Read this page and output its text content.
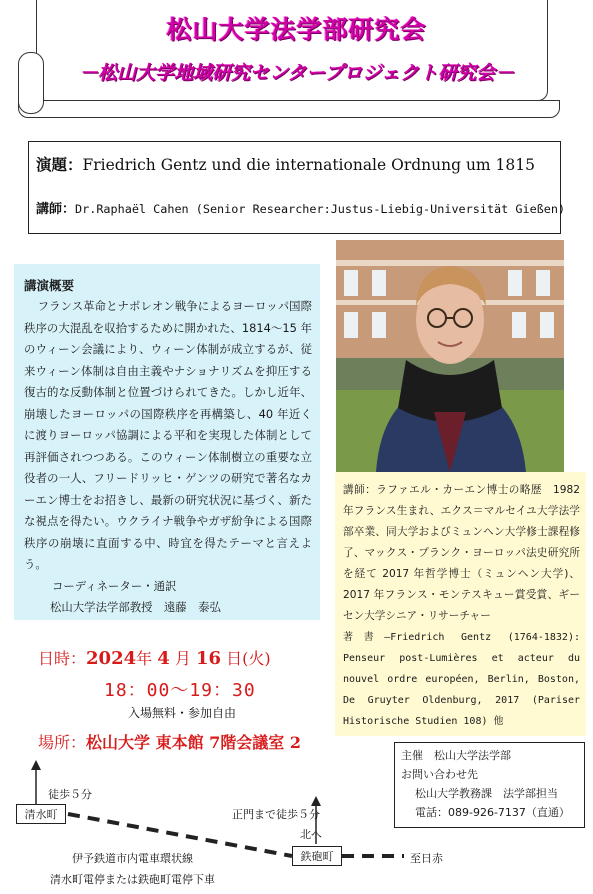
松山大学法学部研究会
－松山大学地域研究センタープロジェクト研究会－
演題：Friedrich Gentz und die internationale Ordnung um 1815
講師：Dr.Raphaël Cahen (Senior Researcher:Justus-Liebig-Universität Gießen)
講演概要
フランス革命とナポレオン戦争によるヨーロッパ国際秩序の大混乱を収拾するために開かれた、1814～15 年のウィーン会議により、ウィーン体制が成立するが、従来ウィーン体制は自由主義やナショナリズムを抑圧する復古的な反動体制と位置づけられてきた。しかし近年、崩壊したヨーロッパの国際秩序を再構築し、40 年近くに渡りヨーロッパ協調による平和を実現した体制として再評価されつつある。このウィーン体制樹立の重要な立役者の一人、フリードリッヒ・ゲンツの研究で著名なカーエン博士をお招きし、最新の研究状況に基づく、新たな視点を得たい。ウクライナ戦争やガザ紛争による国際秩序の崩壊に直面する中、時宜を得たテーマと言えよう。
コーディネーター・通訳
松山大学法学部教授　遠藤　泰弘

講師：ラファエル・カーエン博士の略歴　1982 年フランス生まれ、エクス＝マルセイユ大学法学部卒業、同大学およびミュンヘン大学修士課程修了、マックス・プランク・ヨーロッパ法史研究所を経て 2017 年哲学博士（ミュンヘン大学)、2017 年フランス・モンテスキュー賞受賞、ギーセン大学シニア・リサーチャー

著書―Friedrich Gentz (1764-1832): Penseur post-Lumières et acteur du nouvel ordre européen, Berlin, Boston, De Gruyter Oldenburg, 2017 (Pariser Historische Studien 108) 他

日時：2024年 4 月 16 日(火)
18：00～19：30
入場無料・参加自由
場所：松山大学 東本館 7階会議室 2
徒歩５分
清水町	正門まで徒歩５分
北へ
鉄砲町	至日赤
伊予鉄道市内電車環状線
清水町電停または鉄砲町電停下車
主催　松山大学法学部
お問い合わせ先
松山大学教務課　法学部担当
電話：089-926-7137（直通）
